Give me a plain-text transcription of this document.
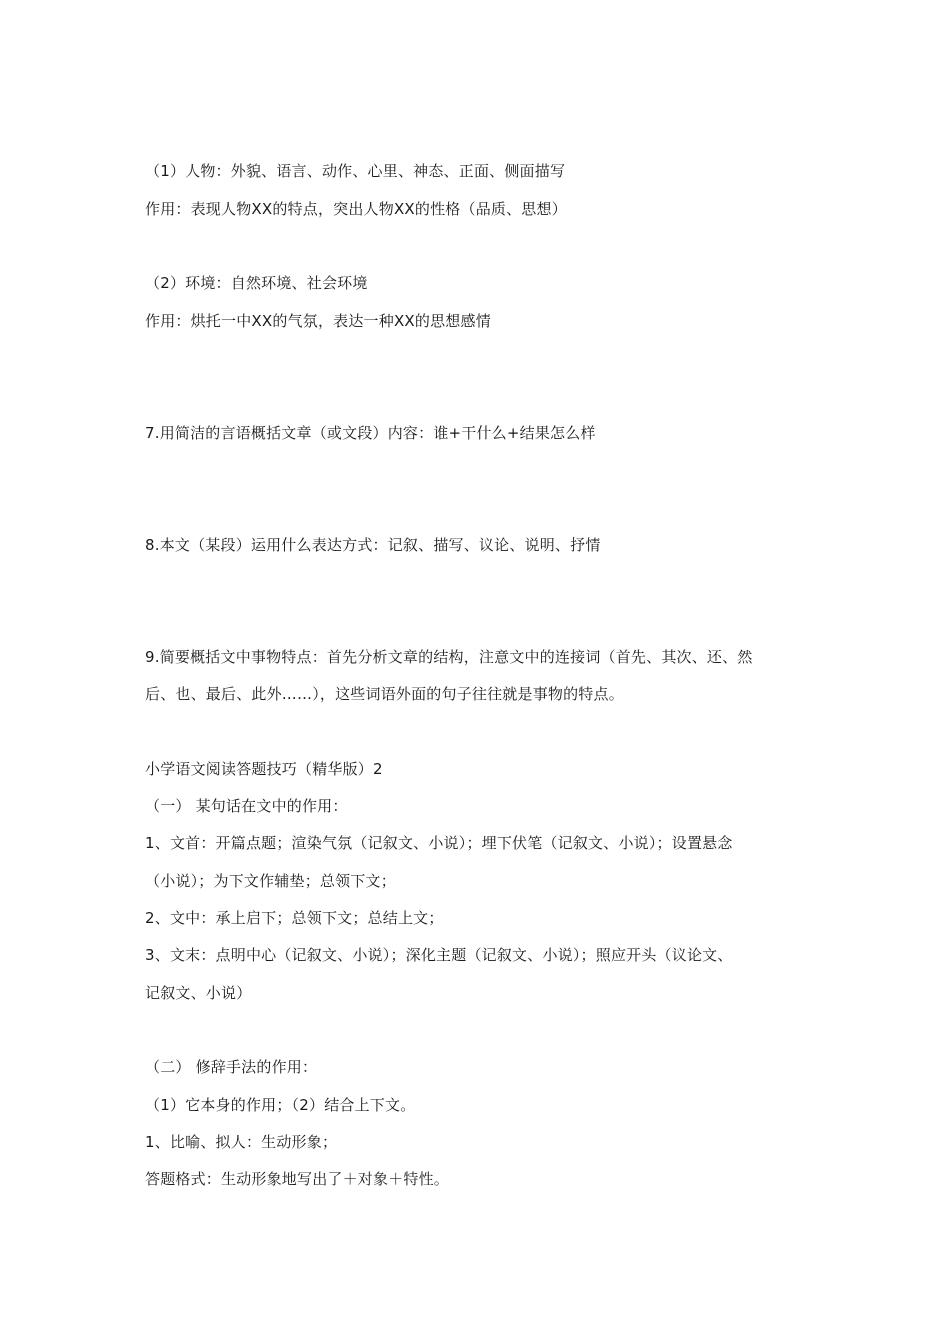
（1）人物：外貌、语言、动作、心里、神态、正面、侧面描写
作用：表现人物XX的特点，突出人物XX的性格（品质、思想）
（2）环境：自然环境、社会环境
作用：烘托一中XX的气氛，表达一种XX的思想感情
7.用简洁的言语概括文章（或文段）内容：谁+干什么+结果怎么样
8.本文（某段）运用什么表达方式：记叙、描写、议论、说明、抒情
9.简要概括文中事物特点：首先分析文章的结构，注意文中的连接词（首先、其次、还、然
后、也、最后、此外……），这些词语外面的句子往往就是事物的特点。
小学语文阅读答题技巧（精华版）2
（一） 某句话在文中的作用：
1、文首：开篇点题；渲染气氛（记叙文、小说）；埋下伏笔（记叙文、小说）；设置悬念
（小说）；为下文作辅垫；总领下文；
2、文中：承上启下；总领下文；总结上文；
3、文末：点明中心（记叙文、小说）；深化主题（记叙文、小说）；照应开头（议论文、
记叙文、小说）
（二） 修辞手法的作用：
（1）它本身的作用；（2）结合上下文。
1、比喻、拟人：生动形象；
答题格式：生动形象地写出了＋对象＋特性。
